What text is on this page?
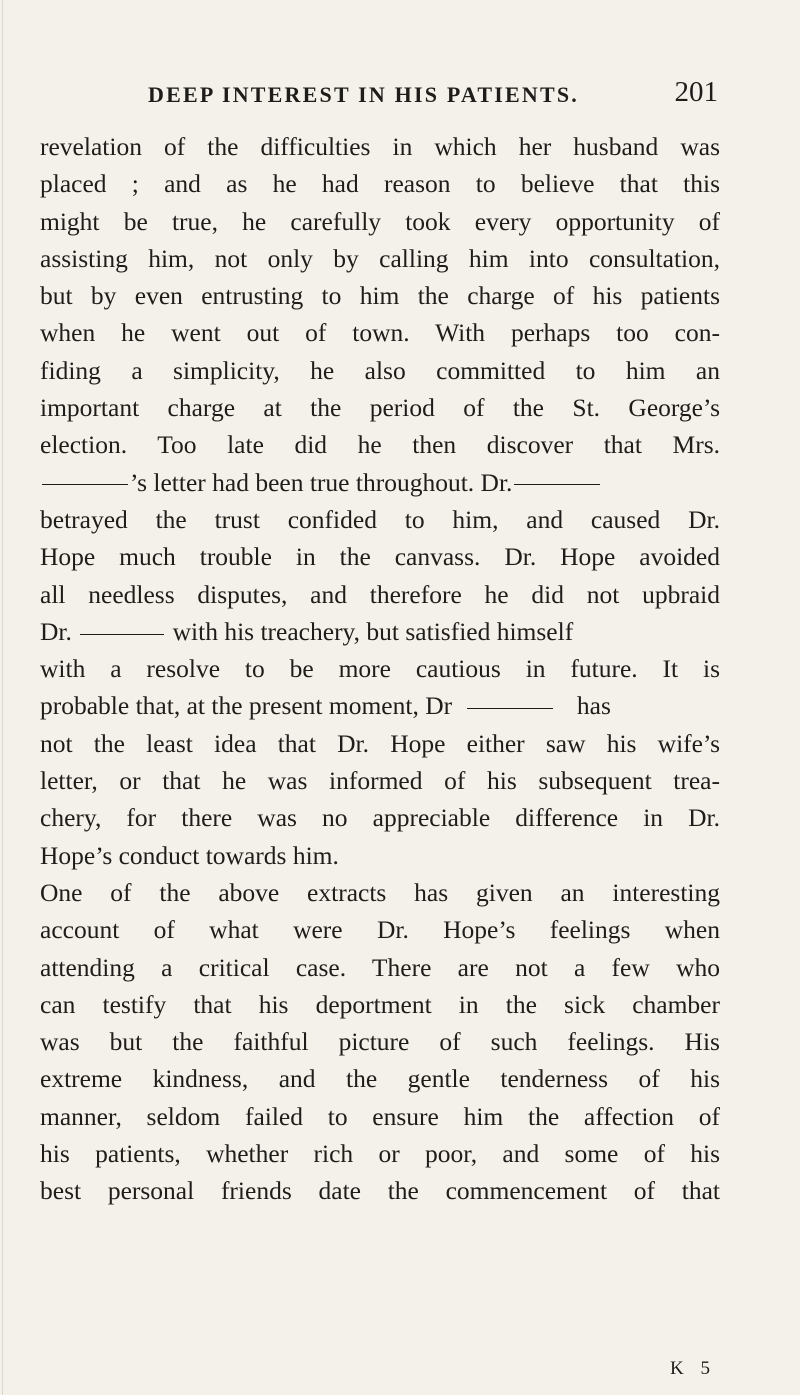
DEEP INTEREST IN HIS PATIENTS.	201
revelation of the difficulties in which her husband was
placed ; and as he had reason to believe that this
might be true, he carefully took every opportunity of
assisting him, not only by calling him into consultation,
but by even entrusting to him the charge of his patients
when he went out of town. With perhaps too con-
fiding a simplicity, he also committed to him an
important charge at the period of the St. George’s
election. Too late did he then discover that Mrs.
’s letter had been true throughout. Dr.
betrayed the trust confided to him, and caused Dr.
Hope much trouble in the canvass. Dr. Hope avoided
all needless disputes, and therefore he did not upbraid
Dr.	with his treachery, but satisfied himself
with a resolve to be more cautious in future. It is
probable that, at the present moment, Dr	has
not the least idea that Dr. Hope either saw his wife’s
letter, or that he was informed of his subsequent trea-
chery, for there was no appreciable difference in Dr.
Hope’s conduct towards him.
One of the above extracts has given an interesting
account of what were Dr. Hope’s feelings when
attending a critical case. There are not a few who
can testify that his deportment in the sick chamber
was but the faithful picture of such feelings. His
extreme kindness, and the gentle tenderness of his
manner, seldom failed to ensure him the affection of
his patients, whether rich or poor, and some of his
best personal friends date the commencement of that
K 5
